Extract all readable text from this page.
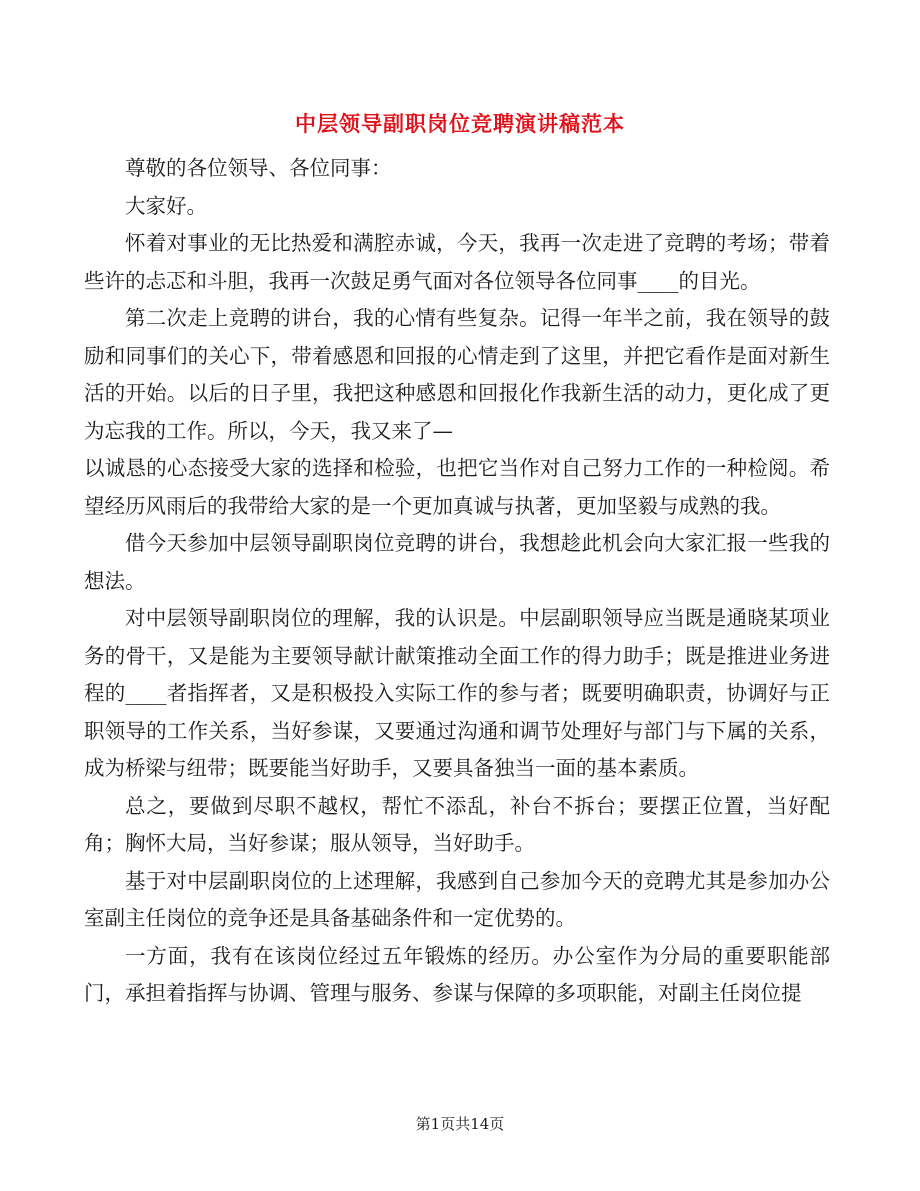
中层领导副职岗位竞聘演讲稿范本

尊敬的各位领导、各位同事：

大家好。

怀着对事业的无比热爱和满腔赤诚，今天，我再一次走进了竞聘的考场；带着些许的忐忑和斗胆，我再一次鼓足勇气面对各位领导各位同事____的目光。

第二次走上竞聘的讲台，我的心情有些复杂。记得一年半之前，我在领导的鼓励和同事们的关心下，带着感恩和回报的心情走到了这里，并把它看作是面对新生活的开始。以后的日子里，我把这种感恩和回报化作我新生活的动力，更化成了更为忘我的工作。所以，今天，我又来了—

以诚恳的心态接受大家的选择和检验，也把它当作对自己努力工作的一种检阅。希望经历风雨后的我带给大家的是一个更加真诚与执著，更加坚毅与成熟的我。

借今天参加中层领导副职岗位竞聘的讲台，我想趁此机会向大家汇报一些我的想法。

对中层领导副职岗位的理解，我的认识是。中层副职领导应当既是通晓某项业务的骨干，又是能为主要领导献计献策推动全面工作的得力助手；既是推进业务进程的____者指挥者，又是积极投入实际工作的参与者；既要明确职责，协调好与正职领导的工作关系，当好参谋，又要通过沟通和调节处理好与部门与下属的关系，成为桥梁与纽带；既要能当好助手，又要具备独当一面的基本素质。

总之，要做到尽职不越权，帮忙不添乱，补台不拆台；要摆正位置，当好配角；胸怀大局，当好参谋；服从领导，当好助手。

基于对中层副职岗位的上述理解，我感到自己参加今天的竞聘尤其是参加办公室副主任岗位的竞争还是具备基础条件和一定优势的。

一方面，我有在该岗位经过五年锻炼的经历。办公室作为分局的重要职能部门，承担着指挥与协调、管理与服务、参谋与保障的多项职能，对副主任岗位提

第1页共14页
